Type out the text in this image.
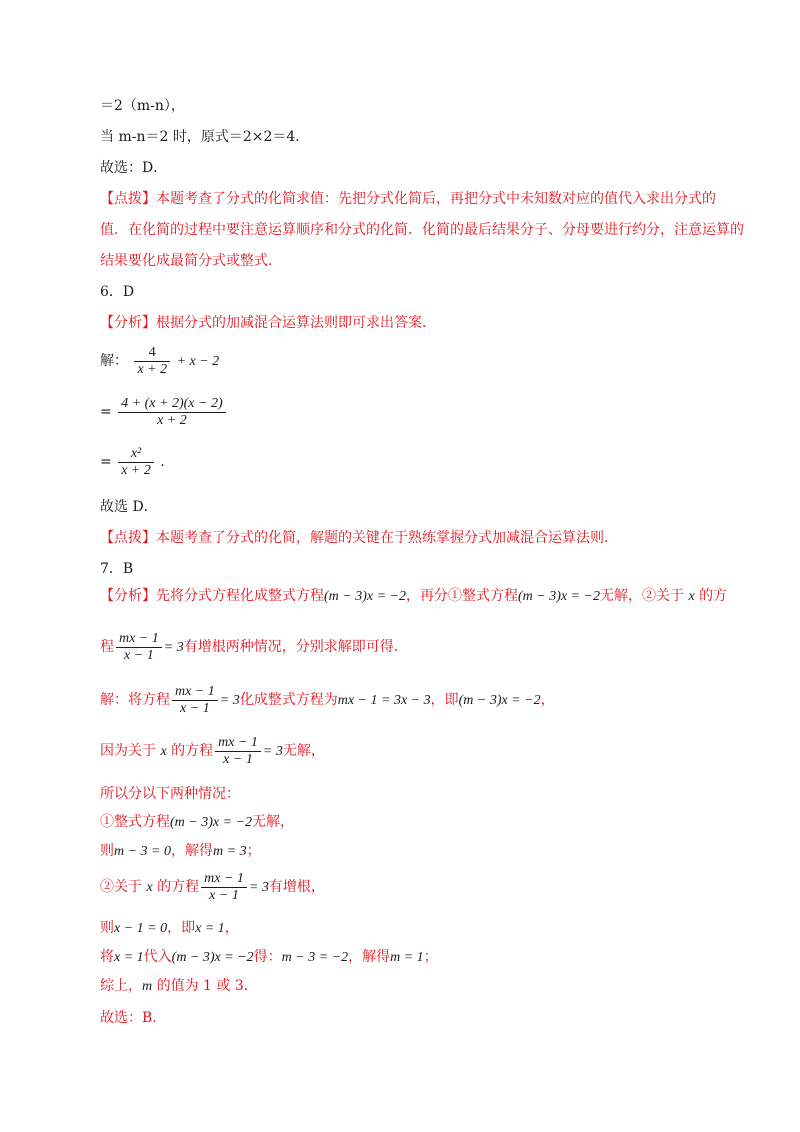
＝2（m-n），
当 m-n＝2 时，原式＝2×2＝4．
故选：D．
【点拨】本题考查了分式的化简求值：先把分式化简后，再把分式中未知数对应的值代入求出分式的
值．在化简的过程中要注意运算顺序和分式的化简．化简的最后结果分子、分母要进行约分，注意运算的
结果要化成最简分式或整式．
6．D
【分析】根据分式的加减混合运算法则即可求出答案．
解： $\frac{4}{x + 2} + x - 2$
= $\frac{4 + (x + 2)(x - 2)}{x + 2}$
= $\frac{\text{x²}}{x + 2}$ ．
故选 D．
【点拨】本题考查了分式的化简，解题的关键在于熟练掌握分式加减混合运算法则．
7．B
【分析】先将分式方程化成整式方程(m − 3)x = −2，再分①整式方程(m − 3)x = −2无解，②关于 x 的方
程 $\frac{mx - 1}{x - 1} = 3$有增根两种情况，分别求解即可得．
解：将方程 $\frac{mx - 1}{x - 1} = 3$化成整式方程为mx − 1 = 3x − 3，即(m − 3)x = −2，
因为关于 x 的方程 $\frac{mx - 1}{x - 1} = 3$无解，
所以分以下两种情况：
①整式方程(m − 3)x = −2无解，
则m − 3 = 0，解得m = 3；
②关于 x 的方程 $\frac{mx - 1}{x - 1} = 3$有增根，
则x − 1 = 0，即x = 1，
将x = 1代入(m − 3)x = −2得：m − 3 = −2，解得m = 1；
综上，m 的值为 1 或 3．
故选：B．
